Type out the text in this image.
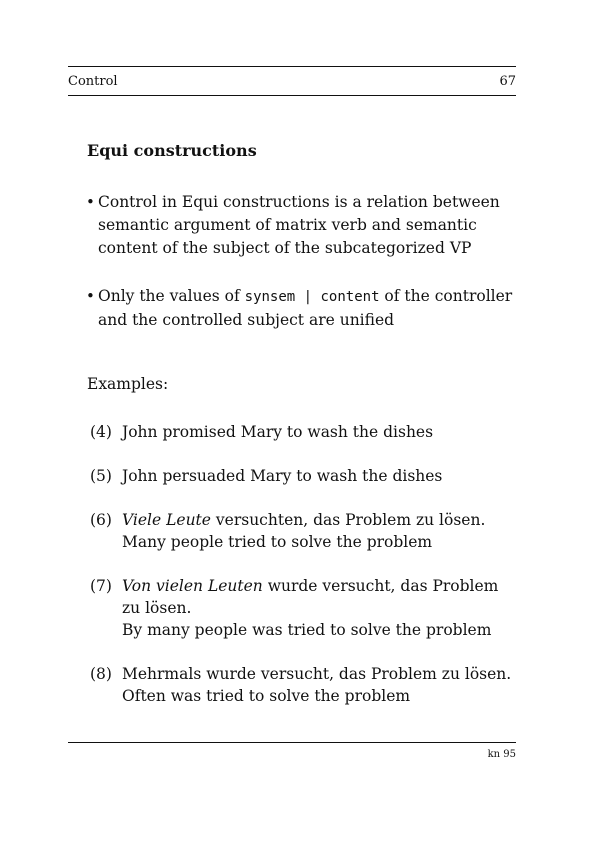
Control	67
Equi constructions
• Control in Equi constructions is a relation between semantic argument of matrix verb and semantic content of the subject of the subcategorized VP
• Only the values of synsem | content of the controller and the controlled subject are unified
Examples:
(4) John promised Mary to wash the dishes
(5) John persuaded Mary to wash the dishes
(6) Viele Leute versuchten, das Problem zu lösen.
Many people tried to solve the problem
(7) Von vielen Leuten wurde versucht, das Problem
zu lösen.
By many people was tried to solve the problem
(8) Mehrmals wurde versucht, das Problem zu lösen.
Often was tried to solve the problem
kn 95
